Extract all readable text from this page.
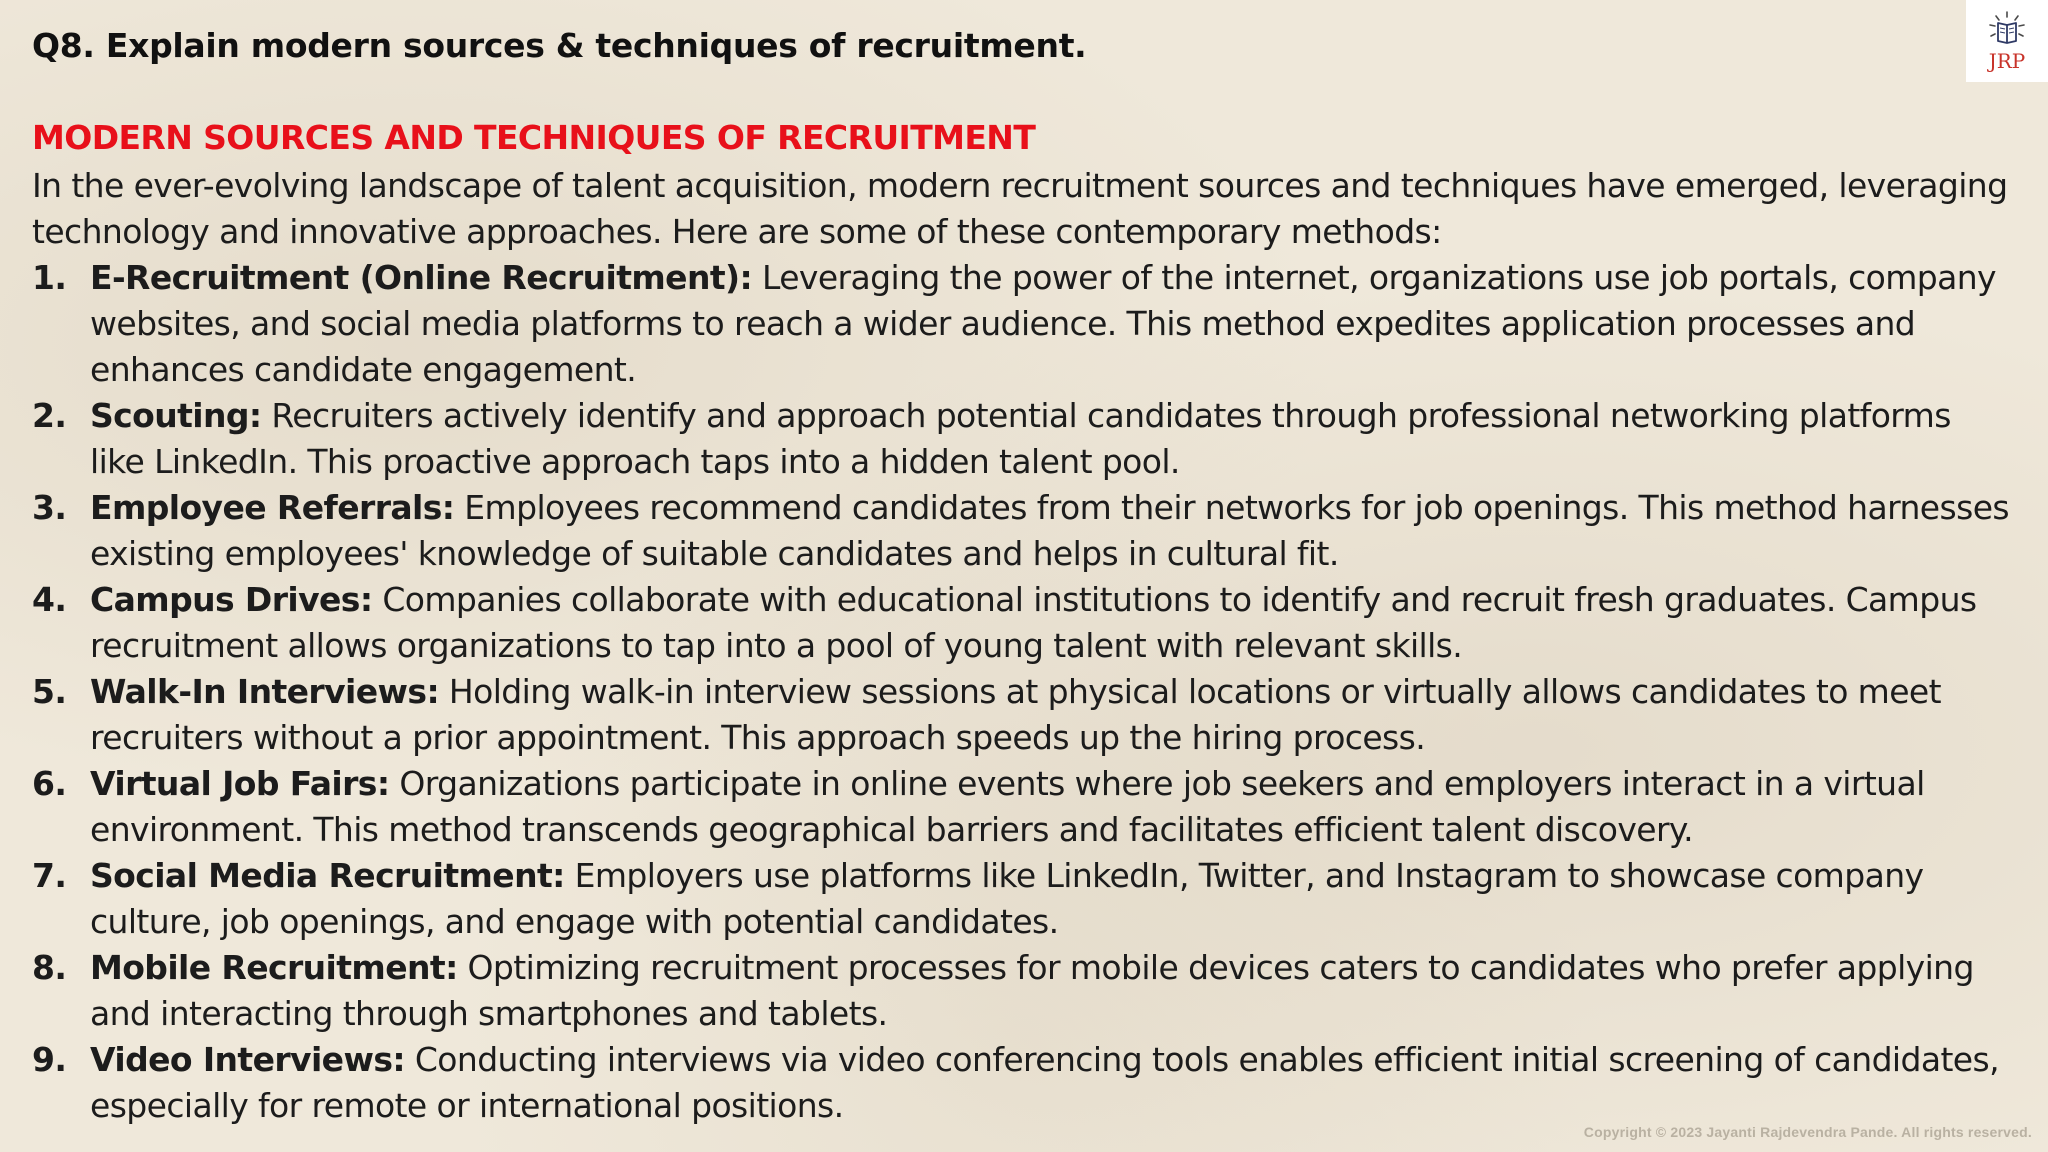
Q8. Explain modern sources & techniques of recruitment.	JRP
MODERN SOURCES AND TECHNIQUES OF RECRUITMENT

In the ever-evolving landscape of talent acquisition, modern recruitment sources and techniques have emerged, leveraging technology and innovative approaches. Here are some of these contemporary methods:

1. E-Recruitment (Online Recruitment): Leveraging the power of the internet, organizations use job portals, company websites, and social media platforms to reach a wider audience. This method expedites application processes and enhances candidate engagement.
2. Scouting: Recruiters actively identify and approach potential candidates through professional networking platforms like LinkedIn. This proactive approach taps into a hidden talent pool.
3. Employee Referrals: Employees recommend candidates from their networks for job openings. This method harnesses existing employees' knowledge of suitable candidates and helps in cultural fit.
4. Campus Drives: Companies collaborate with educational institutions to identify and recruit fresh graduates. Campus recruitment allows organizations to tap into a pool of young talent with relevant skills.
5. Walk-In Interviews: Holding walk-in interview sessions at physical locations or virtually allows candidates to meet recruiters without a prior appointment. This approach speeds up the hiring process.
6. Virtual Job Fairs: Organizations participate in online events where job seekers and employers interact in a virtual environment. This method transcends geographical barriers and facilitates efficient talent discovery.
7. Social Media Recruitment: Employers use platforms like LinkedIn, Twitter, and Instagram to showcase company culture, job openings, and engage with potential candidates.
8. Mobile Recruitment: Optimizing recruitment processes for mobile devices caters to candidates who prefer applying and interacting through smartphones and tablets.
9. Video Interviews: Conducting interviews via video conferencing tools enables efficient initial screening of candidates, especially for remote or international positions.
Copyright © 2023 Jayanti Rajdevendra Pande. All rights reserved.
